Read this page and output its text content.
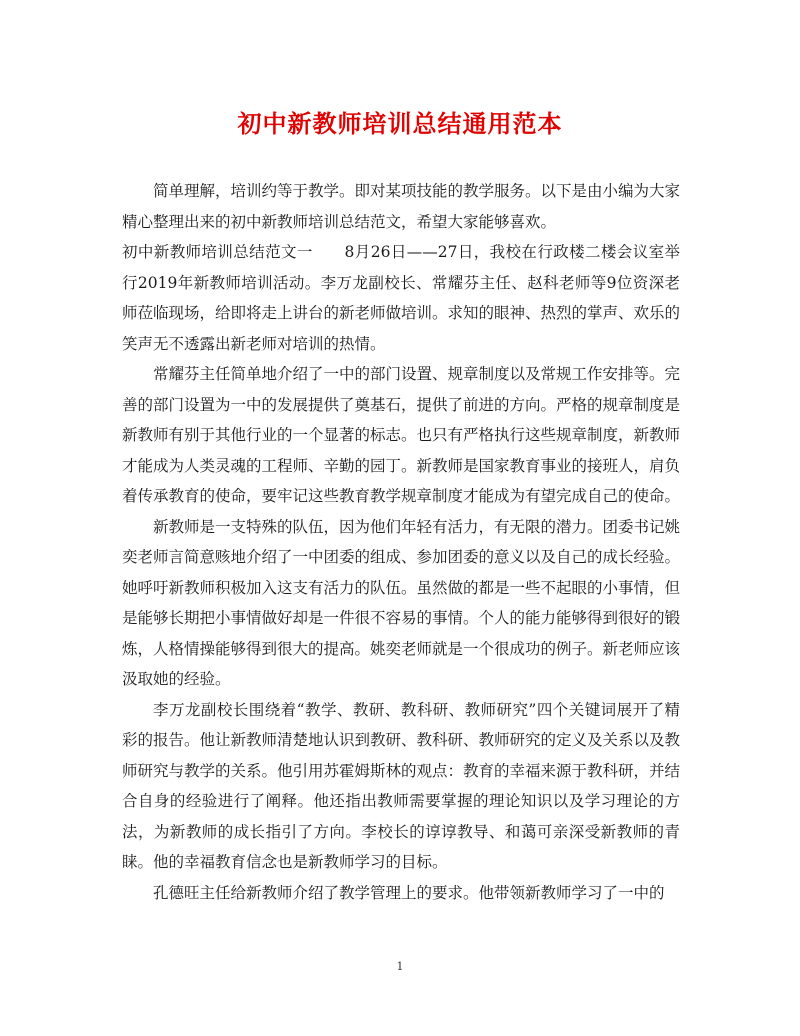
初中新教师培训总结通用范本

简单理解，培训约等于教学。即对某项技能的教学服务。以下是由小编为大家精心整理出来的初中新教师培训总结范文，希望大家能够喜欢。

初中新教师培训总结范文一　　8月26日——27日，我校在行政楼二楼会议室举行2019年新教师培训活动。李万龙副校长、常耀芬主任、赵科老师等9位资深老师莅临现场，给即将走上讲台的新老师做培训。求知的眼神、热烈的掌声、欢乐的笑声无不透露出新老师对培训的热情。

常耀芬主任简单地介绍了一中的部门设置、规章制度以及常规工作安排等。完善的部门设置为一中的发展提供了奠基石，提供了前进的方向。严格的规章制度是新教师有别于其他行业的一个显著的标志。也只有严格执行这些规章制度，新教师才能成为人类灵魂的工程师、辛勤的园丁。新教师是国家教育事业的接班人，肩负着传承教育的使命，要牢记这些教育教学规章制度才能成为有望完成自己的使命。

新教师是一支特殊的队伍，因为他们年轻有活力，有无限的潜力。团委书记姚奕老师言简意赅地介绍了一中团委的组成、参加团委的意义以及自己的成长经验。她呼吁新教师积极加入这支有活力的队伍。虽然做的都是一些不起眼的小事情，但是能够长期把小事情做好却是一件很不容易的事情。个人的能力能够得到很好的锻炼，人格情操能够得到很大的提高。姚奕老师就是一个很成功的例子。新老师应该汲取她的经验。

李万龙副校长围绕着“教学、教研、教科研、教师研究”四个关键词展开了精彩的报告。他让新教师清楚地认识到教研、教科研、教师研究的定义及关系以及教师研究与教学的关系。他引用苏霍姆斯林的观点：教育的幸福来源于教科研，并结合自身的经验进行了阐释。他还指出教师需要掌握的理论知识以及学习理论的方法，为新教师的成长指引了方向。李校长的谆谆教导、和蔼可亲深受新教师的青睐。他的幸福教育信念也是新教师学习的目标。

孔德旺主任给新教师介绍了教学管理上的要求。他带领新教师学习了一中的

1
